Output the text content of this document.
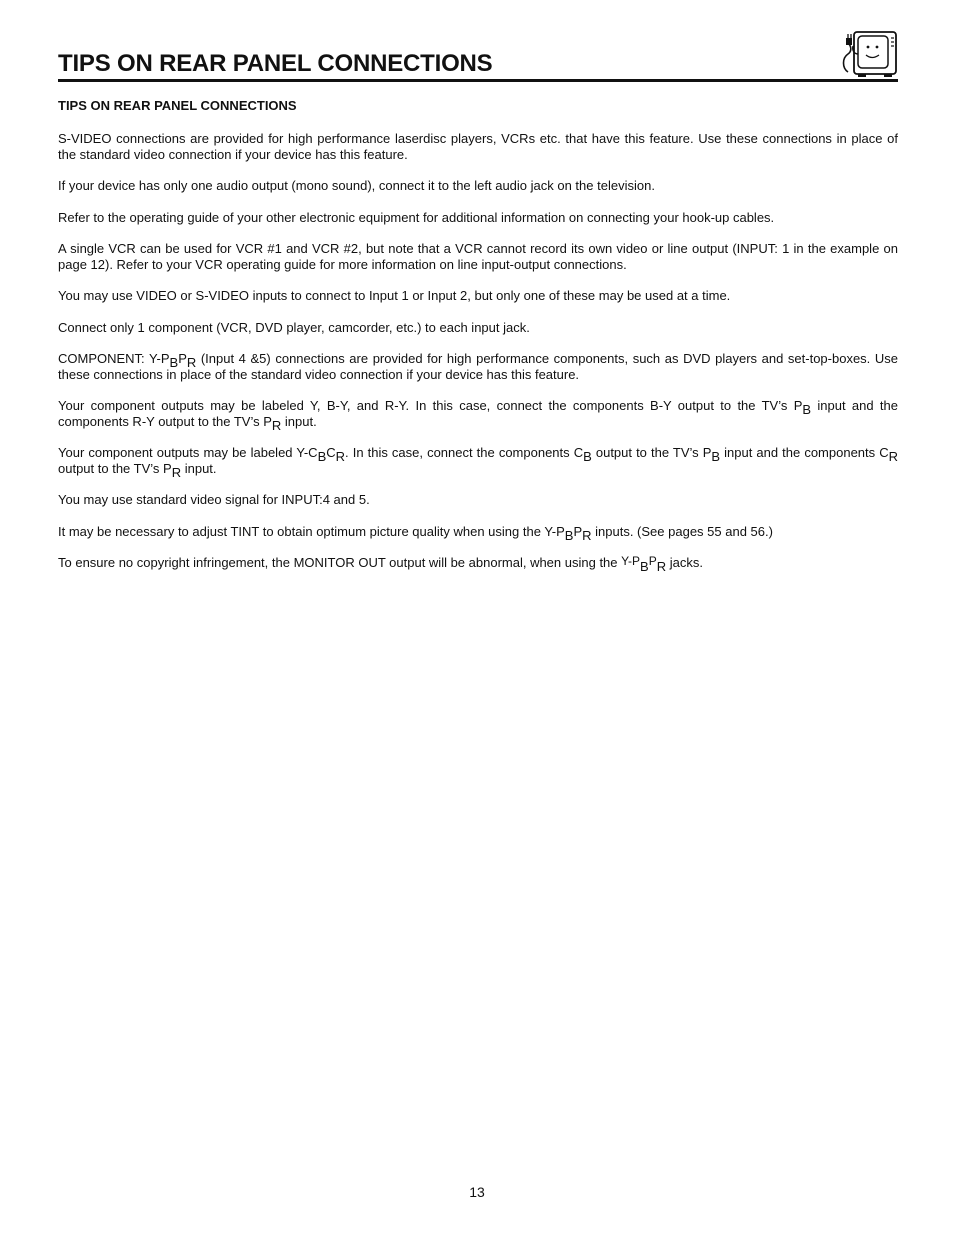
TIPS ON REAR PANEL CONNECTIONS
TIPS ON REAR PANEL CONNECTIONS

S-VIDEO connections are provided for high performance laserdisc players, VCRs etc. that have this feature. Use these connections in place of the standard video connection if your device has this feature.

If your device has only one audio output (mono sound), connect it to the left audio jack on the television.

Refer to the operating guide of your other electronic equipment for additional information on connecting your hook-up cables.

A single VCR can be used for VCR #1 and VCR #2, but note that a VCR cannot record its own video or line output (INPUT: 1 in the example on page 12). Refer to your VCR operating guide for more information on line input-output connections.

You may use VIDEO or S-VIDEO inputs to connect to Input 1 or Input 2, but only one of these may be used at a time.

Connect only 1 component (VCR, DVD player, camcorder, etc.) to each input jack.

COMPONENT: Y-PBPR (Input 4 &5) connections are provided for high performance components, such as DVD players and set-top-boxes. Use these connections in place of the standard video connection if your device has this feature.

Your component outputs may be labeled Y, B-Y, and R-Y. In this case, connect the components B-Y output to the TV’s PB input and the components R-Y output to the TV’s PR input.

Your component outputs may be labeled Y-CBCR. In this case, connect the components CB output to the TV’s PB input and the components CR output to the TV’s PR input.

You may use standard video signal for INPUT:4 and 5.

It may be necessary to adjust TINT to obtain optimum picture quality when using the Y-PBPR inputs. (See pages 55 and 56.)

To ensure no copyright infringement, the MONITOR OUT output will be abnormal, when using the Y-PBPR jacks.

13
